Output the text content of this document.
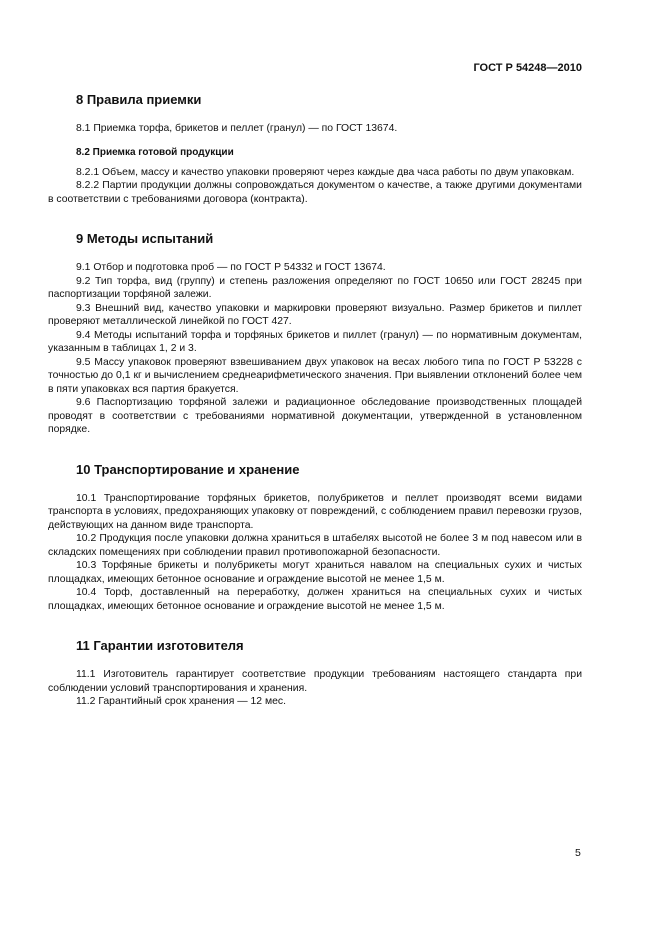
ГОСТ Р 54248—2010
8 Правила приемки

8.1 Приемка торфа, брикетов и пеллет (гранул) — по ГОСТ 13674.

8.2 Приемка готовой продукции

8.2.1 Объем, массу и качество упаковки проверяют через каждые два часа работы по двум упаковкам.

8.2.2 Партии продукции должны сопровождаться документом о качестве, а также другими документами в соответствии с требованиями договора (контракта).

9 Методы испытаний

9.1 Отбор и подготовка проб — по ГОСТ Р 54332 и ГОСТ 13674.

9.2 Тип торфа, вид (группу) и степень разложения определяют по ГОСТ 10650 или ГОСТ 28245 при паспортизации торфяной залежи.

9.3 Внешний вид, качество упаковки и маркировки проверяют визуально. Размер брикетов и пиллет проверяют металлической линейкой по ГОСТ 427.

9.4 Методы испытаний торфа и торфяных брикетов и пиллет (гранул) — по нормативным документам, указанным в таблицах 1, 2 и 3.

9.5 Массу упаковок проверяют взвешиванием двух упаковок на весах любого типа по ГОСТ Р 53228 с точностью до 0,1 кг и вычислением среднеарифметического значения. При выявлении отклонений более чем в пяти упаковках вся партия бракуется.

9.6 Паспортизацию торфяной залежи и радиационное обследование производственных площадей проводят в соответствии с требованиями нормативной документации, утвержденной в установленном порядке.

10 Транспортирование и хранение

10.1 Транспортирование торфяных брикетов, полубрикетов и пеллет производят всеми видами транспорта в условиях, предохраняющих упаковку от повреждений, с соблюдением правил перевозки грузов, действующих на данном виде транспорта.

10.2 Продукция после упаковки должна храниться в штабелях высотой не более 3 м под навесом или в складских помещениях при соблюдении правил противопожарной безопасности.

10.3 Торфяные брикеты и полубрикеты могут храниться навалом на специальных сухих и чистых площадках, имеющих бетонное основание и ограждение высотой не менее 1,5 м.

10.4 Торф, доставленный на переработку, должен храниться на специальных сухих и чистых площадках, имеющих бетонное основание и ограждение высотой не менее 1,5 м.

11 Гарантии изготовителя

11.1 Изготовитель гарантирует соответствие продукции требованиям настоящего стандарта при соблюдении условий транспортирования и хранения.

11.2 Гарантийный срок хранения — 12 мес.

5
